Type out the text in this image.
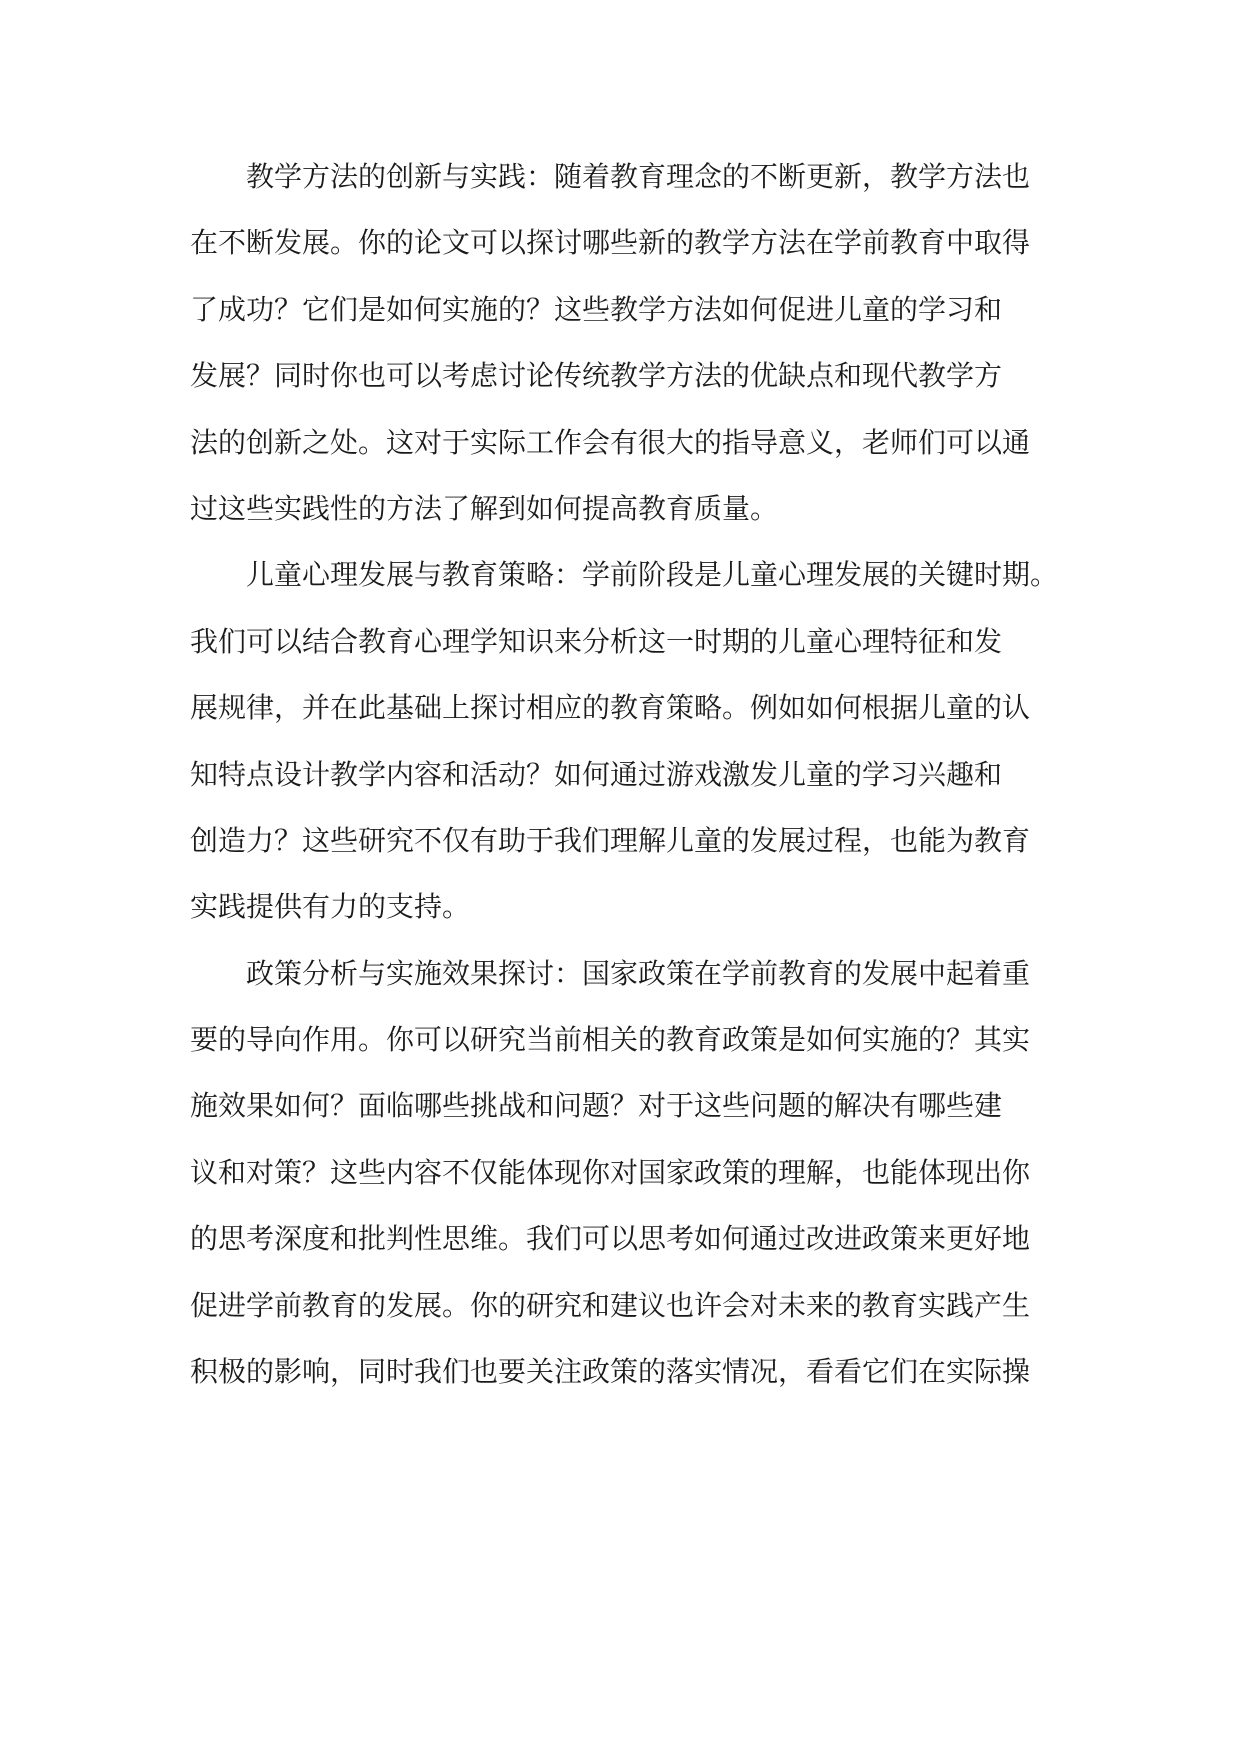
教学方法的创新与实践：随着教育理念的不断更新，教学方法也
在不断发展。你的论文可以探讨哪些新的教学方法在学前教育中取得
了成功？它们是如何实施的？这些教学方法如何促进儿童的学习和
发展？同时你也可以考虑讨论传统教学方法的优缺点和现代教学方
法的创新之处。这对于实际工作会有很大的指导意义，老师们可以通
过这些实践性的方法了解到如何提高教育质量。
儿童心理发展与教育策略：学前阶段是儿童心理发展的关键时期。
我们可以结合教育心理学知识来分析这一时期的儿童心理特征和发
展规律，并在此基础上探讨相应的教育策略。例如如何根据儿童的认
知特点设计教学内容和活动？如何通过游戏激发儿童的学习兴趣和
创造力？这些研究不仅有助于我们理解儿童的发展过程，也能为教育
实践提供有力的支持。
政策分析与实施效果探讨：国家政策在学前教育的发展中起着重
要的导向作用。你可以研究当前相关的教育政策是如何实施的？其实
施效果如何？面临哪些挑战和问题？对于这些问题的解决有哪些建
议和对策？这些内容不仅能体现你对国家政策的理解，也能体现出你
的思考深度和批判性思维。我们可以思考如何通过改进政策来更好地
促进学前教育的发展。你的研究和建议也许会对未来的教育实践产生
积极的影响，同时我们也要关注政策的落实情况，看看它们在实际操
